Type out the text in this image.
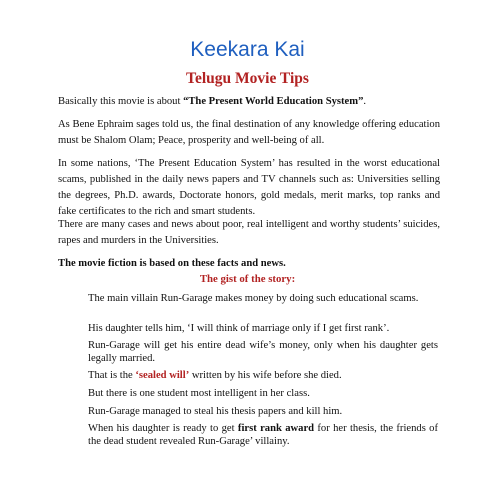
Keekara Kai
Telugu Movie Tips

Basically this movie is about “The Present World Education System”.

As Bene Ephraim sages told us, the final destination of any knowledge offering education must be Shalom Olam; Peace, prosperity and well-being of all.

In some nations, ‘The Present Education System’ has resulted in the worst educational scams, published in the daily news papers and TV channels such as: Universities selling the degrees, Ph.D. awards, Doctorate honors, gold medals, merit marks, top ranks and fake certificates to the rich and smart students.

There are many cases and news about poor, real intelligent and worthy students’ suicides, rapes and murders in the Universities.

The movie fiction is based on these facts and news.

The gist of the story:

The main villain Run-Garage makes money by doing such educational scams.

His daughter tells him, ‘I will think of marriage only if I get first rank’.

Run-Garage will get his entire dead wife’s money, only when his daughter gets legally married.

That is the ‘sealed will’ written by his wife before she died.

But there is one student most intelligent in her class.

Run-Garage managed to steal his thesis papers and kill him.

When his daughter is ready to get first rank award for her thesis, the friends of the dead student revealed Run-Garage’ villainy.
